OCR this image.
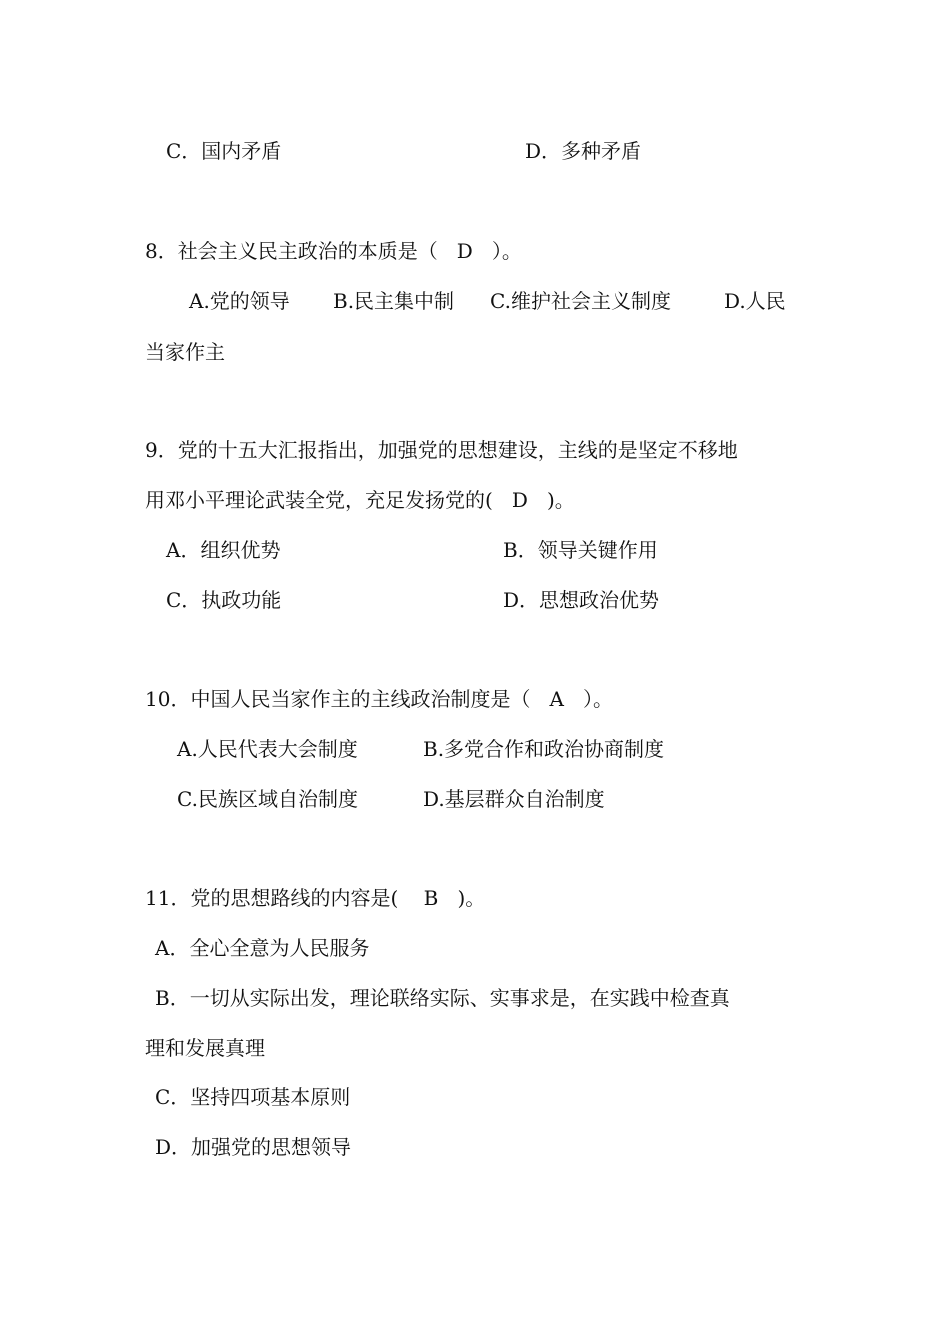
C．国内矛盾	D．多种矛盾
8．社会主义民主政治的本质是（   D   ）。
A.党的领导 B.民主集中制 C.维护社会主义制度	D.人民
当家作主
9．党的十五大汇报指出，加强党的思想建设，主线的是坚定不移地
用邓小平理论武装全党，充足发扬党的(   D   )。
A．组织优势	B．领导关键作用
C．执政功能	D．思想政治优势
10．中国人民当家作主的主线政治制度是（   A   ）。
A.人民代表大会制度	B.多党合作和政治协商制度
C.民族区域自治制度	D.基层群众自治制度
11．党的思想路线的内容是(    B   )。
A．全心全意为人民服务
B．一切从实际出发，理论联络实际、实事求是，在实践中检查真
理和发展真理
C．坚持四项基本原则
D．加强党的思想领导
